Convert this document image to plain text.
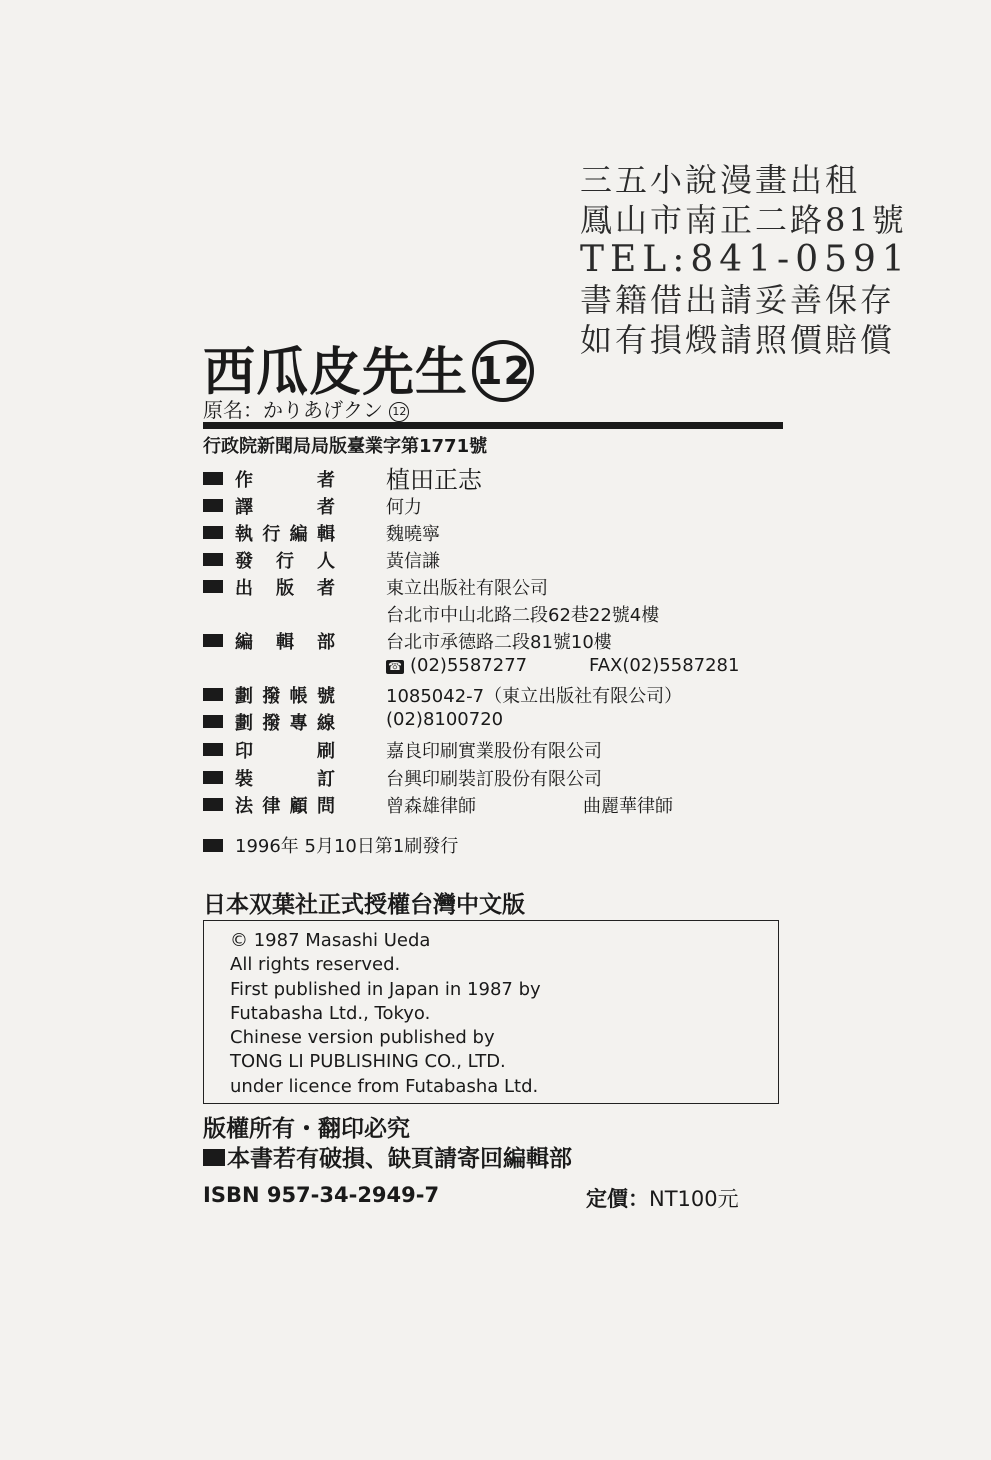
三五小說漫畫出租
鳳山市南正二路81號
TEL:841-0591
書籍借出請妥善保存
如有損燬請照價賠償
西瓜皮先生 12
原名：かりあげクン 12
行政院新聞局局版臺業字第1771號
作	者 植田正志
譯	者	何力
執 行 編 輯	魏曉寧
發 行 人	黃信謙
出 版 者	東立出版社有限公司
台北市中山北路二段62巷22號4樓
編 輯 部	台北市承德路二段81號10樓
☎ (02)5587277	FAX(02)5587281
劃 撥 帳 號	1085042-7（東立出版社有限公司）
劃 撥 專 線	(02)8100720
印	刷	嘉良印刷實業股份有限公司
裝	訂	台興印刷裝訂股份有限公司
法 律 顧 問	曾森雄律師	曲麗華律師
1996年 5月10日第1刷發行
日本双葉社正式授權台灣中文版
© 1987 Masashi Ueda
All rights reserved.
First published in Japan in 1987 by
Futabasha Ltd., Tokyo.
Chinese version published by
TONG LI PUBLISHING CO., LTD.
under licence from Futabasha Ltd.
版權所有・翻印必究
本書若有破損、缺頁請寄回編輯部
ISBN 957-34-2949-7	定價：NT100元
